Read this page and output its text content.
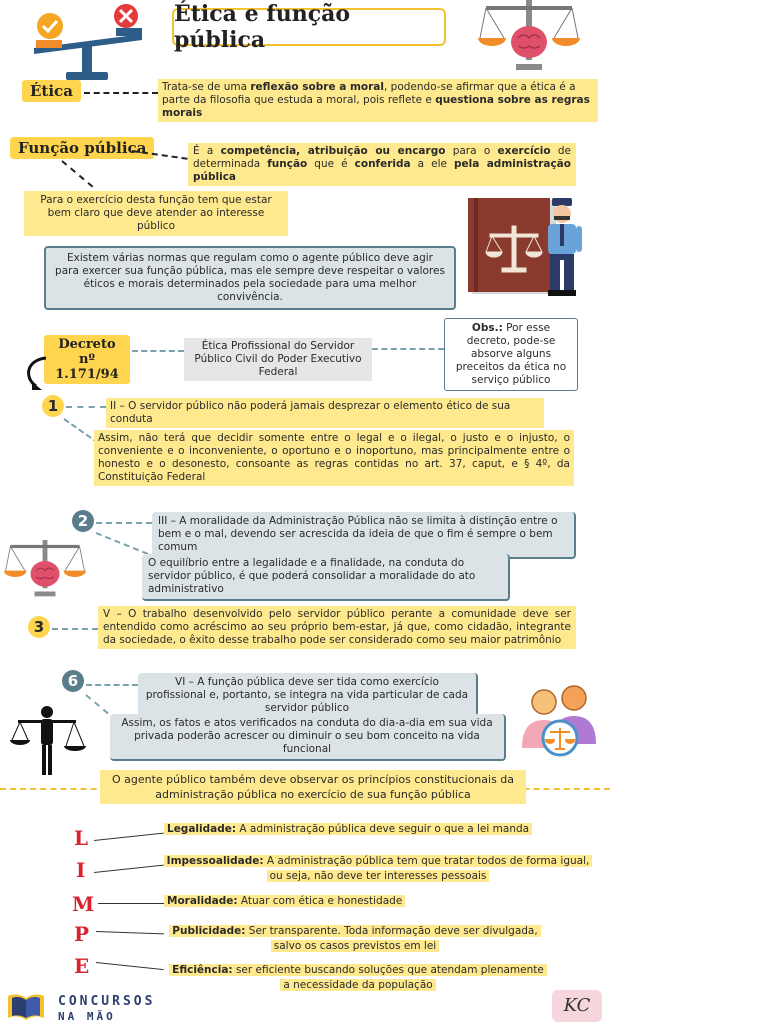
Ética e função pública
Ética	Trata-se de uma reflexão sobre a moral, podendo-se afirmar que a ética é a parte da filosofia que estuda a moral, pois reflete e questiona sobre as regras morais
Função pública	É a competência, atribuição ou encargo para o exercício de determinada função que é conferida a ele pela administração pública
Para o exercício desta função tem que estar bem claro que deve atender ao interesse público
Existem várias normas que regulam como o agente público deve agir para exercer sua função pública, mas ele sempre deve respeitar o valores éticos e morais determinados pela sociedade para uma melhor convivência.
Decreto nº 1.171/94
Ética Profissional do Servidor Público Civil do Poder Executivo Federal
Obs.: Por esse decreto, pode-se absorve alguns preceitos da ética no serviço público
1	II – O servidor público não poderá jamais desprezar o elemento ético de sua conduta
Assim, não terá que decidir somente entre o legal e o ilegal, o justo e o injusto, o conveniente e o inconveniente, o oportuno e o inoportuno, mas principalmente entre o honesto e o desonesto, consoante as regras contidas no art. 37, caput, e § 4º, da Constituição Federal
2	III – A moralidade da Administração Pública não se limita à distinção entre o bem e o mal, devendo ser acrescida da ideia de que o fim é sempre o bem comum
O equilíbrio entre a legalidade e a finalidade, na conduta do servidor público, é que poderá consolidar a moralidade do ato administrativo
3
V – O trabalho desenvolvido pelo servidor público perante a comunidade deve ser entendido como acréscimo ao seu próprio bem-estar, já que, como cidadão, integrante da sociedade, o êxito desse trabalho pode ser considerado como seu maior patrimônio
6	VI – A função pública deve ser tida como exercício profissional e, portanto, se integra na vida particular de cada servidor público
Assim, os fatos e atos verificados na conduta do dia-a-dia em sua vida privada poderão acrescer ou diminuir o seu bom conceito na vida funcional
O agente público também deve observar os princípios constitucionais da administração pública no exercício de sua função pública
L	Legalidade: A administração pública deve seguir o que a lei manda
I	Impessoalidade: A administração pública tem que tratar todos de forma igual,
ou seja, não deve ter interesses pessoais
M	Moralidade: Atuar com ética e honestidade
P	Publicidade: Ser transparente. Toda informação deve ser divulgada,
salvo os casos previstos em lei
E	Eficiência: ser eficiente buscando soluções que atendam plenamente
a necessidade da população
CONCURSOS
NA MÃO
KC
